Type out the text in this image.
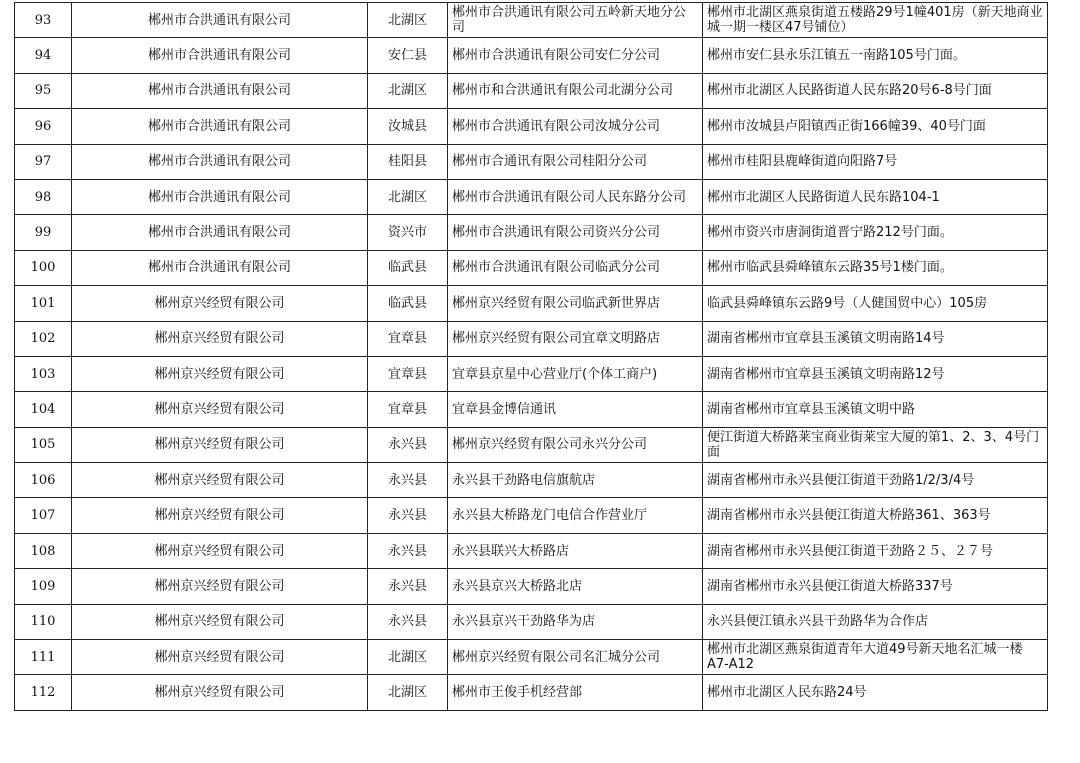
93	郴州市合洪通讯有限公司	北湖区	郴州市合洪通讯有限公司五岭新天地分公司	郴州市北湖区燕泉街道五楼路29号1幢401房（新天地商业城一期一楼区47号铺位）
94	郴州市合洪通讯有限公司	安仁县	郴州市合洪通讯有限公司安仁分公司	郴州市安仁县永乐江镇五一南路105号门面。
95	郴州市合洪通讯有限公司	北湖区	郴州市和合洪通讯有限公司北湖分公司	郴州市北湖区人民路街道人民东路20号6-8号门面
96	郴州市合洪通讯有限公司	汝城县	郴州市合洪通讯有限公司汝城分公司	郴州市汝城县卢阳镇西正街166幢39、40号门面
97	郴州市合洪通讯有限公司	桂阳县	郴州市合通讯有限公司桂阳分公司	郴州市桂阳县鹿峰街道向阳路7号
98	郴州市合洪通讯有限公司	北湖区	郴州市合洪通讯有限公司人民东路分公司	郴州市北湖区人民路街道人民东路104-1
99	郴州市合洪通讯有限公司	资兴市	郴州市合洪通讯有限公司资兴分公司	郴州市资兴市唐洞街道晋宁路212号门面。
100	郴州市合洪通讯有限公司	临武县	郴州市合洪通讯有限公司临武分公司	郴州市临武县舜峰镇东云路35号1楼门面。
101	郴州京兴经贸有限公司	临武县	郴州京兴经贸有限公司临武新世界店	临武县舜峰镇东云路9号（人健国贸中心）105房
102	郴州京兴经贸有限公司	宜章县	郴州京兴经贸有限公司宜章文明路店	湖南省郴州市宜章县玉溪镇文明南路14号
103	郴州京兴经贸有限公司	宜章县	宜章县京星中心营业厅(个体工商户)	湖南省郴州市宜章县玉溪镇文明南路12号
104	郴州京兴经贸有限公司	宜章县	宜章县金博信通讯	湖南省郴州市宜章县玉溪镇文明中路
105	郴州京兴经贸有限公司	永兴县	郴州京兴经贸有限公司永兴分公司	便江街道大桥路莱宝商业街莱宝大厦的第1、2、3、4号门面
106	郴州京兴经贸有限公司	永兴县	永兴县干劲路电信旗航店	湖南省郴州市永兴县便江街道干劲路1/2/3/4号
107	郴州京兴经贸有限公司	永兴县	永兴县大桥路龙门电信合作营业厅	湖南省郴州市永兴县便江街道大桥路361、363号
108	郴州京兴经贸有限公司	永兴县	永兴县联兴大桥路店	湖南省郴州市永兴县便江街道干劲路２５、２７号
109	郴州京兴经贸有限公司	永兴县	永兴县京兴大桥路北店	湖南省郴州市永兴县便江街道大桥路337号
110	郴州京兴经贸有限公司	永兴县	永兴县京兴干劲路华为店	永兴县便江镇永兴县干劲路华为合作店
111	郴州京兴经贸有限公司	北湖区	郴州京兴经贸有限公司名汇城分公司	郴州市北湖区燕泉街道青年大道49号新天地名汇城一楼A7-A12
112	郴州京兴经贸有限公司	北湖区	郴州市王俊手机经营部	郴州市北湖区人民东路24号
